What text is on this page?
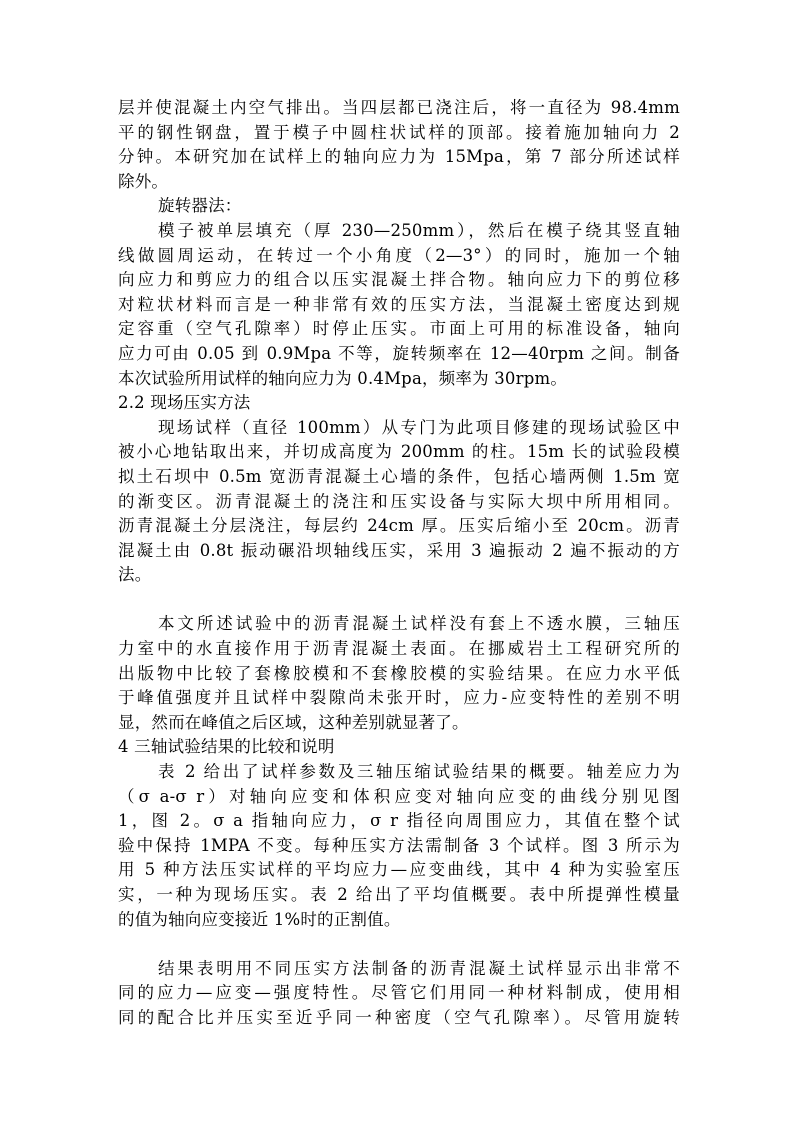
层并使混凝土内空气排出。当四层都已浇注后，将一直径为 98.4mm
平的钢性钢盘，置于模子中圆柱状试样的顶部。接着施加轴向力 2
分钟。本研究加在试样上的轴向应力为 15Mpa，第 7 部分所述试样
除外。
旋转器法：
模子被单层填充（厚 230—250mm），然后在模子绕其竖直轴
线做圆周运动，在转过一个小角度（2—3°）的同时，施加一个轴
向应力和剪应力的组合以压实混凝土拌合物。轴向应力下的剪位移
对粒状材料而言是一种非常有效的压实方法，当混凝土密度达到规
定容重（空气孔隙率）时停止压实。市面上可用的标准设备，轴向
应力可由 0.05 到 0.9Mpa 不等，旋转频率在 12—40rpm 之间。制备
本次试验所用试样的轴向应力为 0.4Mpa，频率为 30rpm。
2.2 现场压实方法
现场试样（直径 100mm）从专门为此项目修建的现场试验区中
被小心地钻取出来，并切成高度为 200mm 的柱。15m 长的试验段模
拟土石坝中 0.5m 宽沥青混凝土心墙的条件，包括心墙两侧 1.5m 宽
的渐变区。沥青混凝土的浇注和压实设备与实际大坝中所用相同。
沥青混凝土分层浇注，每层约 24cm 厚。压实后缩小至 20cm。沥青
混凝土由 0.8t 振动碾沿坝轴线压实，采用 3 遍振动 2 遍不振动的方
法。
本文所述试验中的沥青混凝土试样没有套上不透水膜，三轴压
力室中的水直接作用于沥青混凝土表面。在挪威岩土工程研究所的
出版物中比较了套橡胶模和不套橡胶模的实验结果。在应力水平低
于峰值强度并且试样中裂隙尚未张开时，应力-应变特性的差别不明
显，然而在峰值之后区域，这种差别就显著了。
4 三轴试验结果的比较和说明
表 2 给出了试样参数及三轴压缩试验结果的概要。轴差应力为
（σ a-σ r）对轴向应变和体积应变对轴向应变的曲线分别见图
1，图 2。σ a 指轴向应力，σ r 指径向周围应力，其值在整个试
验中保持 1MPA 不变。每种压实方法需制备 3 个试样。图 3 所示为
用 5 种方法压实试样的平均应力—应变曲线，其中 4 种为实验室压
实，一种为现场压实。表 2 给出了平均值概要。表中所提弹性模量
的值为轴向应变接近 1%时的正割值。
结果表明用不同压实方法制备的沥青混凝土试样显示出非常不
同的应力—应变—强度特性。尽管它们用同一种材料制成，使用相
同的配合比并压实至近乎同一种密度（空气孔隙率）。尽管用旋转
